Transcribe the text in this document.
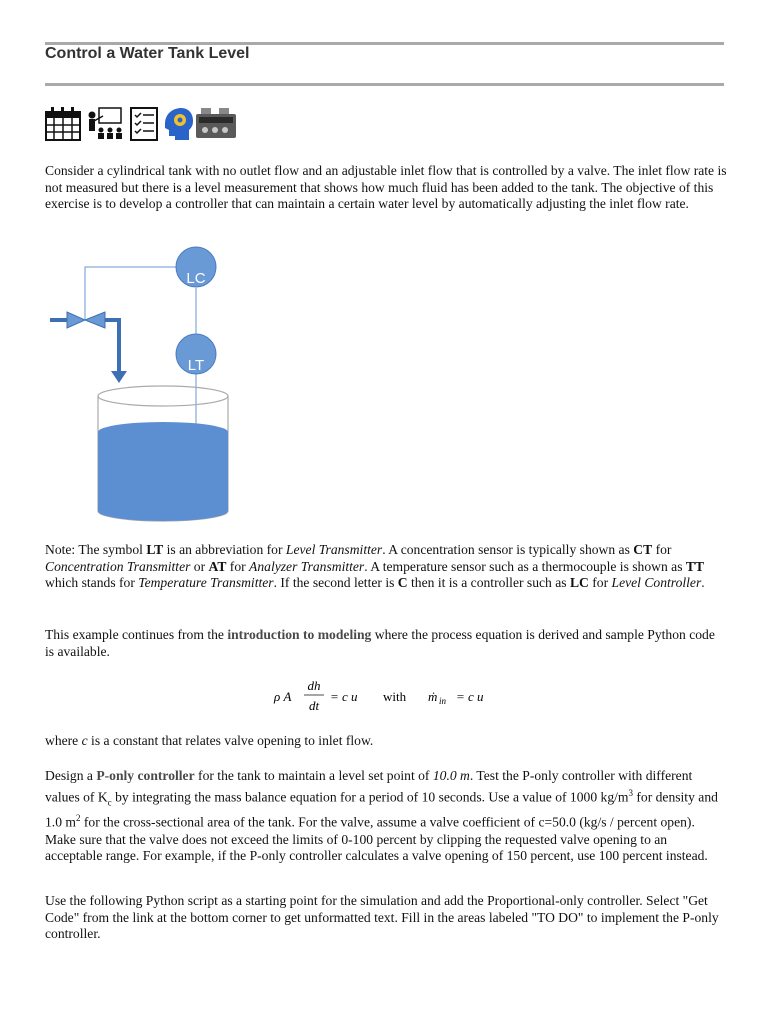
Control a Water Tank Level
Consider a cylindrical tank with no outlet flow and an adjustable inlet flow that is controlled by a valve. The inlet flow rate is not measured but there is a level measurement that shows how much fluid has been added to the tank. The objective of this exercise is to develop a controller that can maintain a certain water level by automatically adjusting the inlet flow rate.
LC
LT
Note: The symbol LT is an abbreviation for Level Transmitter. A concentration sensor is typically shown as CT for Concentration Transmitter or AT for Analyzer Transmitter. A temperature sensor such as a thermocouple is shown as TT which stands for Temperature Transmitter. If the second letter is C then it is a controller such as LC for Level Controller.
This example continues from the introduction to modeling where the process equation is derived and sample Python code is available.
ρ A
dh
dt
= c u with ṁ in = c u
where c is a constant that relates valve opening to inlet flow.
Design a P-only controller for the tank to maintain a level set point of 10.0 m. Test the P-only controller with different values of $K_c$ by integrating the mass balance equation for a period of 10 seconds. Use a value of 1000 $kg/m^3$ for density and 1.0 $m^2$ for the cross-sectional area of the tank. For the valve, assume a valve coefficient of c=50.0 (kg/s / percent open). Make sure that the valve does not exceed the limits of 0-100 percent by clipping the requested valve opening to an acceptable range. For example, if the P-only controller calculates a valve opening of 150 percent, use 100 percent instead.
Use the following Python script as a starting point for the simulation and add the Proportional-only controller. Select "Get Code" from the link at the bottom corner to get unformatted text. Fill in the areas labeled "TO DO" to implement the P-only controller.
